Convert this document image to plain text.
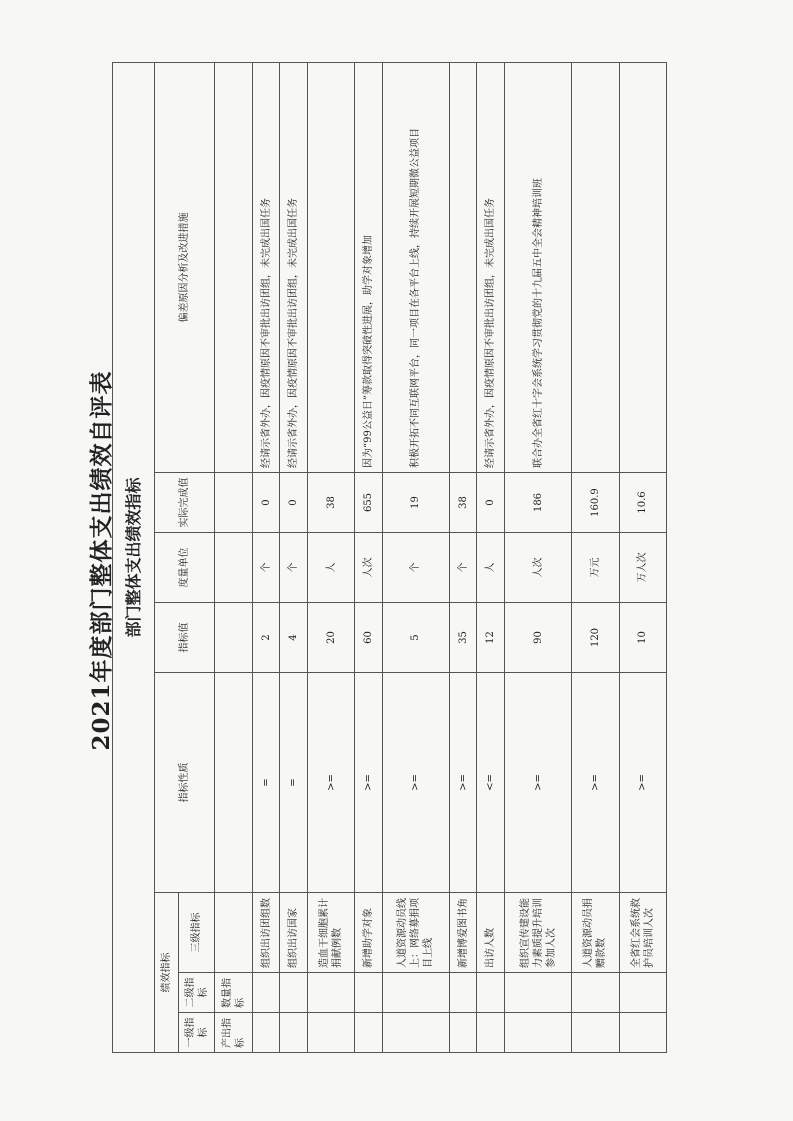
2021年度部门整体支出绩效自评表 部门整体支出绩效指标							
绩效指标			指标性质	指标值	度量单位	实际完成值	偏差原因分析及改进措施
一级指标	二级指标	三级指标					
产出指标	数量指标						
		组织出访团组数	=	2	个	0	经请示省外办，因疫情原因不审批出访团组，未完成出国任务
		组织出访国家	=	4	个	0	经请示省外办，因疫情原因不审批出访团组，未完成出国任务
		造血干细胞累计捐献例数	>=	20	人	38	
		新增助学对象	>=	60	人次	655	因为“99公益日”筹款取得突破性进展，助学对象增加
		人道资源动员线上：网络募捐项目上线	>=	5	个	19	积极开拓不同互联网平台，同一项目在各平台上线，持续开展短期微公益项目
		新增博爱图书角	>=	35	个	38	
		出访人数	<=	12	人	0	经请示省外办，因疫情原因不审批出访团组，未完成出国任务
		组织宣传建设能力素质提升培训参加人次	>=	90	人次	186	联合办全省红十字会系统学习贯彻党的十九届五中全会精神培训班
		人道资源动员捐赠款数	>=	120	万元	160.9	
		全省红会系统救护员培训人次	>=	10	万人次	10.6	
